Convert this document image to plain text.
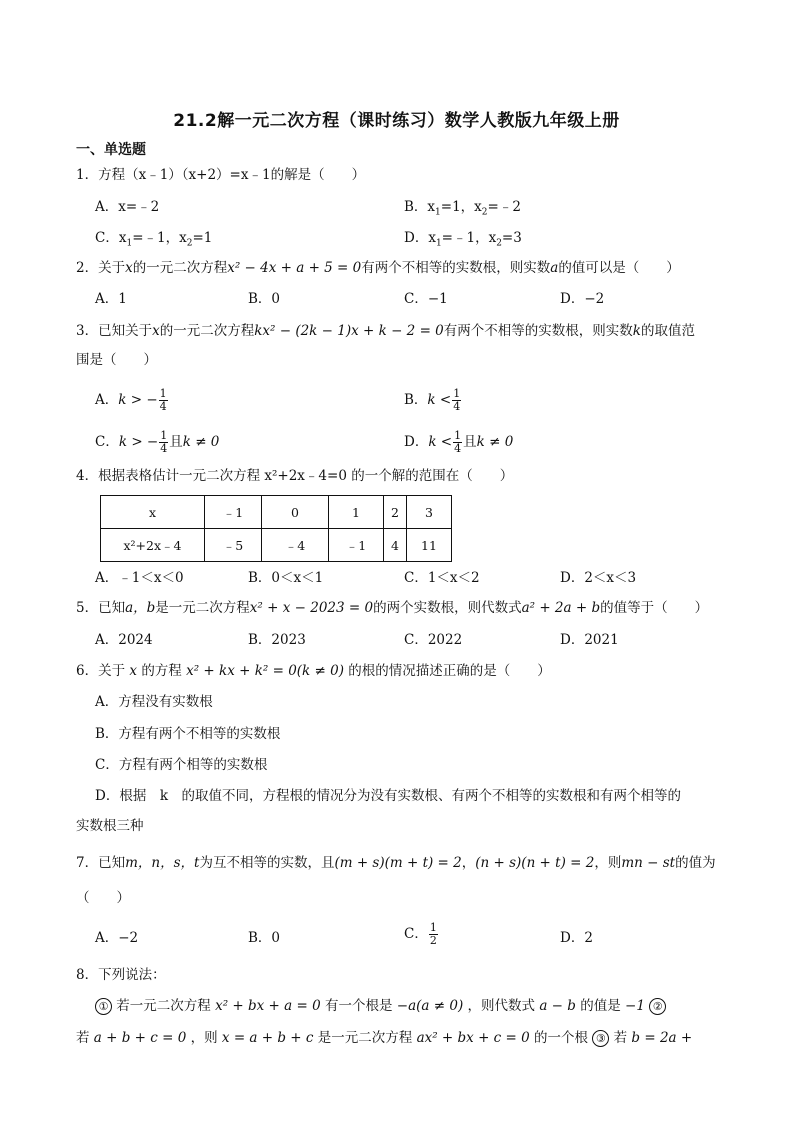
21.2解一元二次方程（课时练习）数学人教版九年级上册
一、单选题
1．方程（x﹣1）（x+2）=x﹣1的解是（　　）
A．x=﹣2	B．$x_1=1$，$x_2=﹣2$
C．$x_1=﹣1$，$x_2=1$	D．$x_1=﹣1$，$x_2=3$
2．关于x的一元二次方程x² − 4x + a + 5 = 0有两个不相等的实数根，则实数a的值可以是（　　）
A．1	B．0	C．−1	D．−2
3．已知关于x的一元二次方程kx² − (2k − 1)x + k − 2 = 0有两个不相等的实数根，则实数k的取值范
围是（　　）
A．k > − $\frac{1}{4}$	B．$k < \frac{1}{4}$
C．k > − $\frac{1}{4}$ 且k ≠ 0	D．$k < \frac{1}{4}$ 且k ≠ 0
4．根据表格估计一元二次方程 x²+2x﹣4=0 的一个解的范围在（　　）
x	﹣1	0	1	2	3
x²+2x﹣4	﹣5	﹣4	﹣1	4	11
A．﹣1＜x＜0	B．0＜x＜1	C．1＜x＜2	D．2＜x＜3
5．已知a，b是一元二次方程x² + x − 2023 = 0的两个实数根，则代数式a² + 2a + b的值等于（　　）
A．2024	B．2023	C．2022	D．2021
6．关于 x 的方程 x² + kx + k² = 0(k ≠ 0) 的根的情况描述正确的是（　　）
A．方程没有实数根
B．方程有两个不相等的实数根
C．方程有两个相等的实数根
D．根据　 k　 的取值不同，方程根的情况分为没有实数根、有两个不相等的实数根和有两个相等的
实数根三种
7．已知m，n，s，t为互不相等的实数，且(m + s)(m + t) = 2，(n + s)(n + t) = 2，则mn − st的值为
（　　）
A．−2	B．0	C． $\frac{1}{2}$	D．2
8．下列说法：
① 若一元二次方程 x² + bx + a = 0 有一个根是 −a(a ≠ 0) ，则代数式 a − b 的值是 −1 ②
若 a + b + c = 0 ，则 x = a + b + c 是一元二次方程 ax² + bx + c = 0 的一个根 ③ 若 b = 2a +
